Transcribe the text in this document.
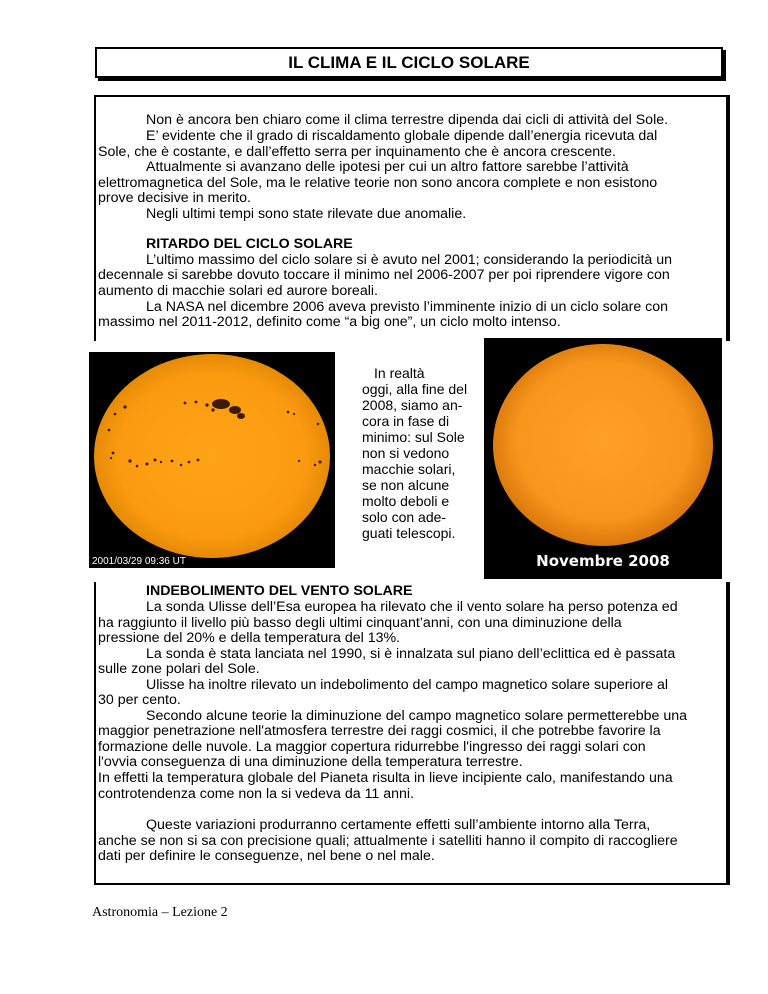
IL CLIMA E IL CICLO SOLARE
Non è ancora ben chiaro come il clima terrestre dipenda dai cicli di attività del Sole.
E’ evidente che il grado di riscaldamento globale dipende dall’energia ricevuta dal
Sole, che è costante, e dall’effetto serra per inquinamento che è ancora crescente.
Attualmente si avanzano delle ipotesi per cui un altro fattore sarebbe l’attività
elettromagnetica del Sole, ma le relative teorie non sono ancora complete e non esistono
prove decisive in merito.
Negli ultimi tempi sono state rilevate due anomalie.
RITARDO DEL CICLO SOLARE
L’ultimo massimo del ciclo solare si è avuto nel 2001; considerando la periodicità un
decennale si sarebbe dovuto toccare il minimo nel 2006-2007 per poi riprendere vigore con
aumento di macchie solari ed aurore boreali.
La NASA nel dicembre 2006 aveva previsto l’imminente inizio di un ciclo solare con
massimo nel 2011-2012, definito come “a big one”, un ciclo molto intenso.
2001/03/29 09:36 UT
In realtà
oggi, alla fine del
2008, siamo an-
cora in fase di
minimo: sul Sole
non si vedono
macchie solari,
se non alcune
molto deboli e
solo con ade-
guati telescopi.
Novembre 2008
INDEBOLIMENTO DEL VENTO SOLARE
La sonda Ulisse dell’Esa europea ha rilevato che il vento solare ha perso potenza ed
ha raggiunto il livello più basso degli ultimi cinquant’anni, con una diminuzione della
pressione del 20% e della temperatura del 13%.
La sonda è stata lanciata nel 1990, si è innalzata sul piano dell’eclittica ed è passata
sulle zone polari del Sole.
Ulisse ha inoltre rilevato un indebolimento del campo magnetico solare superiore al
30 per cento.
Secondo alcune teorie la diminuzione del campo magnetico solare permetterebbe una
maggior penetrazione nell'atmosfera terrestre dei raggi cosmici, il che potrebbe favorire la
formazione delle nuvole. La maggior copertura ridurrebbe l'ingresso dei raggi solari con
l'ovvia conseguenza di una diminuzione della temperatura terrestre.
In effetti la temperatura globale del Pianeta risulta in lieve incipiente calo, manifestando una
controtendenza come non la si vedeva da 11 anni.
Queste variazioni produrranno certamente effetti sull’ambiente intorno alla Terra,
anche se non si sa con precisione quali; attualmente i satelliti hanno il compito di raccogliere
dati per definire le conseguenze, nel bene o nel male.
Astronomia – Lezione 2
